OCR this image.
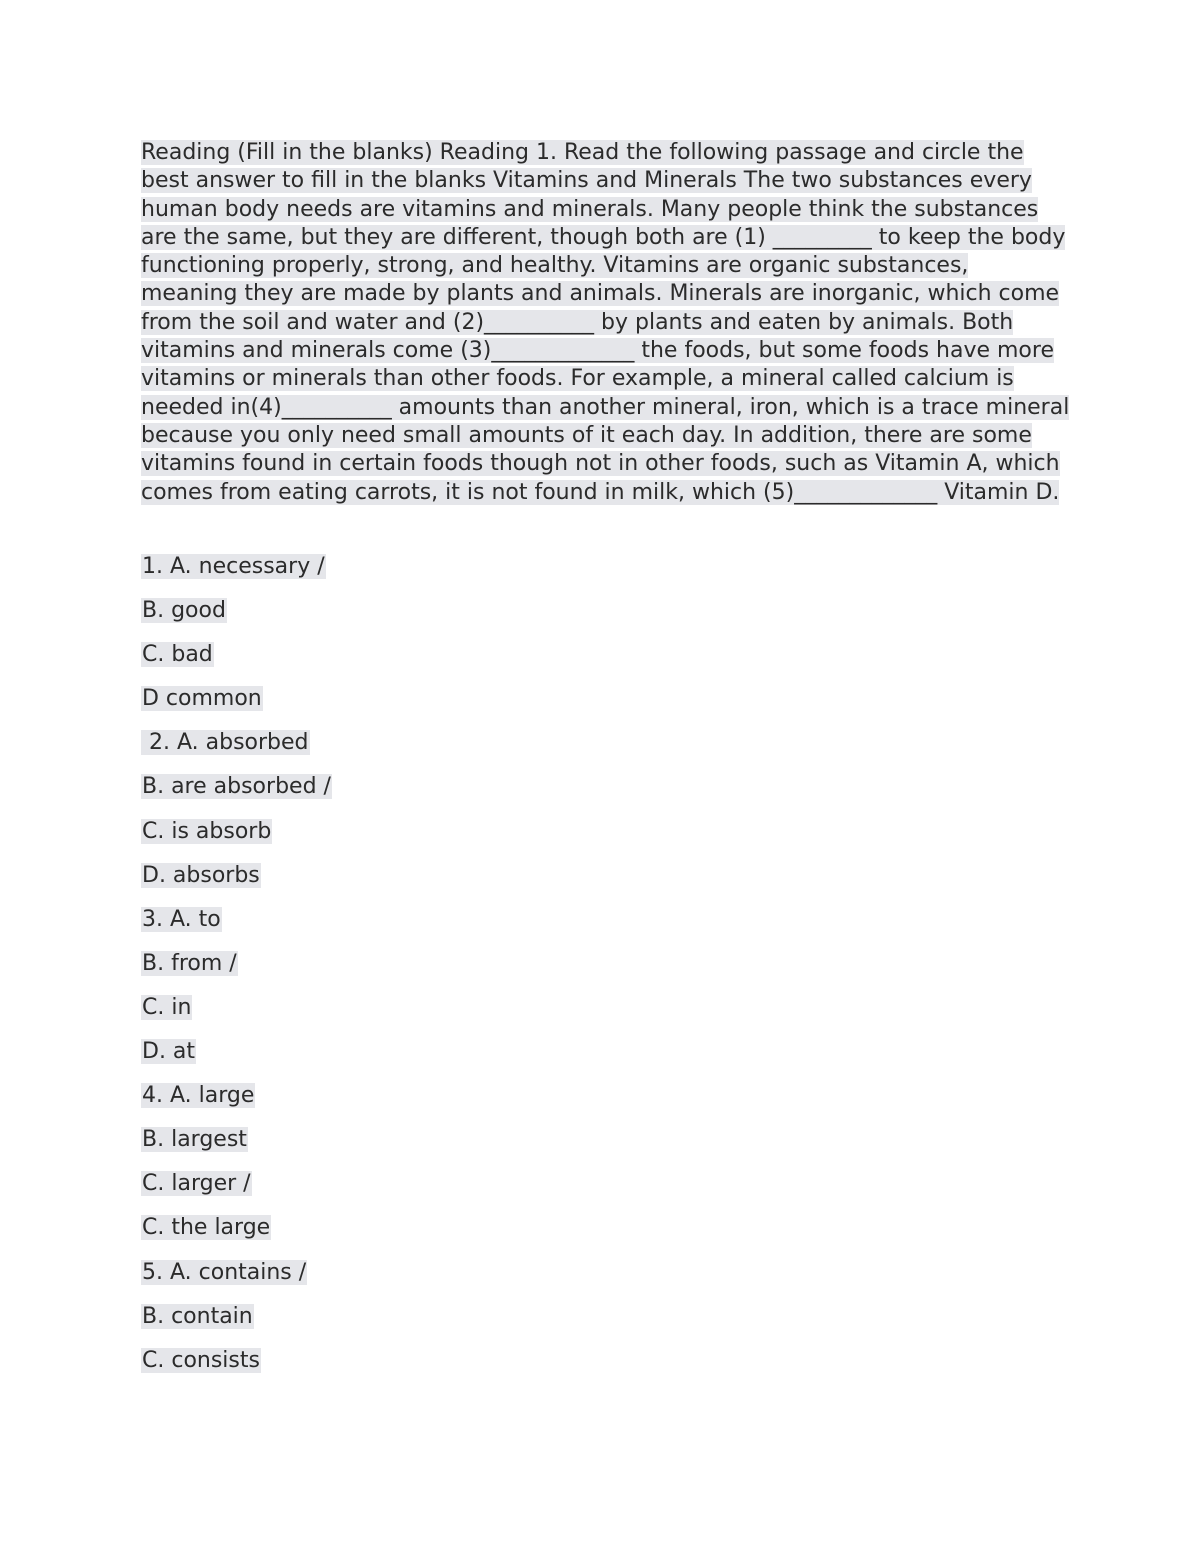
Reading (Fill in the blanks) Reading 1. Read the following passage and circle the best answer to fill in the blanks Vitamins and Minerals The two substances every human body needs are vitamins and minerals. Many people think the substances are the same, but they are different, though both are (1) _________ to keep the body functioning properly, strong, and healthy. Vitamins are organic substances, meaning they are made by plants and animals. Minerals are inorganic, which come from the soil and water and (2)__________ by plants and eaten by animals. Both vitamins and minerals come (3)_____________ the foods, but some foods have more vitamins or minerals than other foods. For example, a mineral called calcium is needed in(4)__________ amounts than another mineral, iron, which is a trace mineral because you only need small amounts of it each day. In addition, there are some vitamins found in certain foods though not in other foods, such as Vitamin A, which comes from eating carrots, it is not found in milk, which (5)_____________ Vitamin D.

1. A. necessary /
B. good
C. bad
D common
2. A. absorbed
B. are absorbed /
C. is absorb
D. absorbs
3. A. to
B. from /
C. in
D. at
4. A. large
B. largest
C. larger /
C. the large
5. A. contains /
B. contain
C. consists
